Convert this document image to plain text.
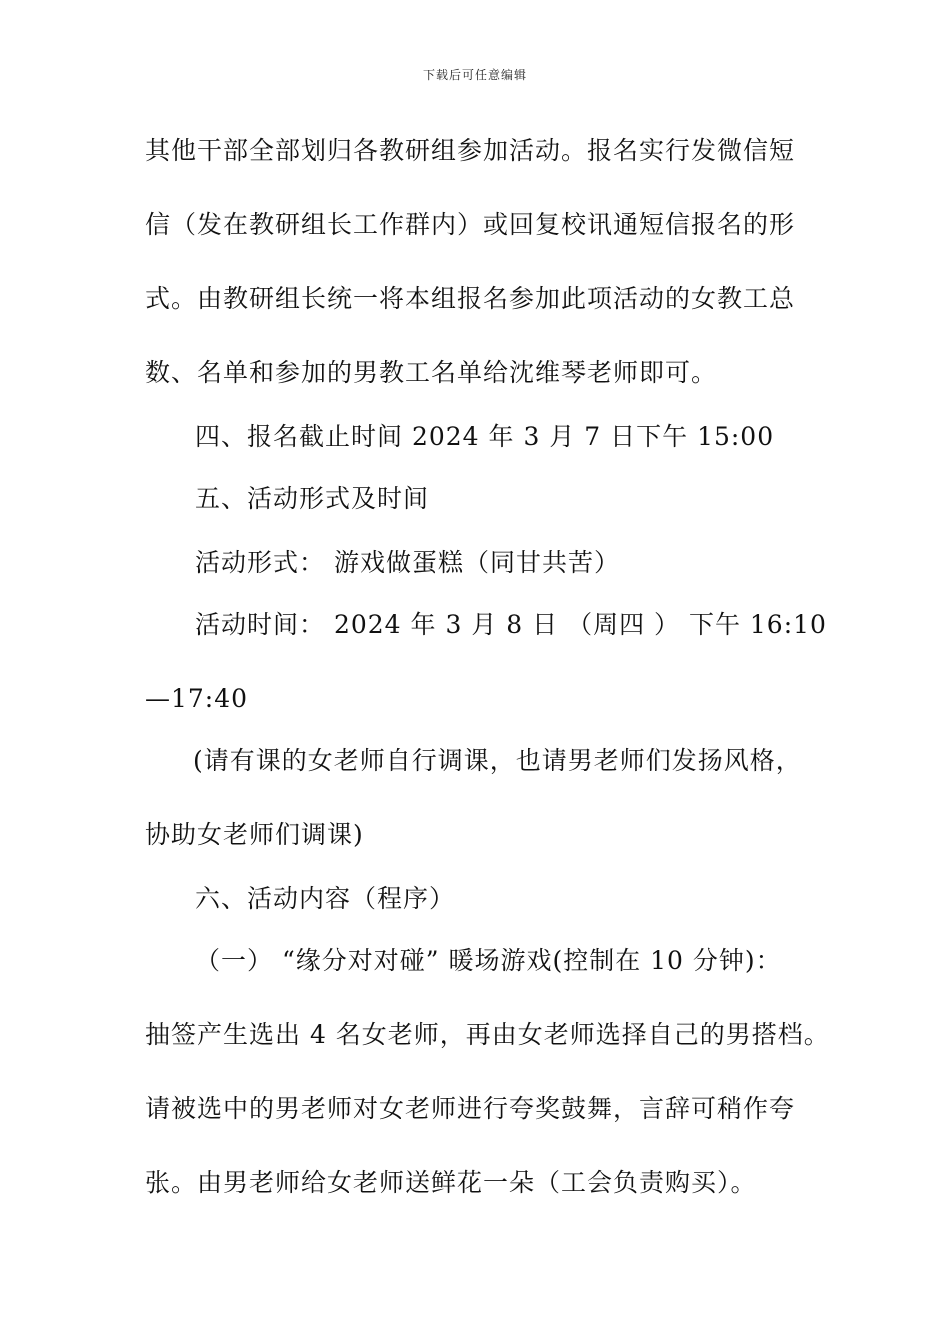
下载后可任意编辑
其他干部全部划归各教研组参加活动。报名实行发微信短
信（发在教研组长工作群内）或回复校讯通短信报名的形
式。由教研组长统一将本组报名参加此项活动的女教工总
数、名单和参加的男教工名单给沈维琴老师即可。
四、报名截止时间 2024 年 3 月 7 日下午 15:00
五、活动形式及时间
活动形式： 游戏做蛋糕（同甘共苦）
活动时间： 2024 年 3 月 8 日 （周四 ） 下午 16:10
—17:40
(请有课的女老师自行调课，也请男老师们发扬风格，
协助女老师们调课)
六、活动内容（程序）
（一） “缘分对对碰” 暖场游戏(控制在 10 分钟)：
抽签产生选出 4 名女老师，再由女老师选择自己的男搭档。
请被选中的男老师对女老师进行夸奖鼓舞，言辞可稍作夸
张。由男老师给女老师送鲜花一朵（工会负责购买）。
